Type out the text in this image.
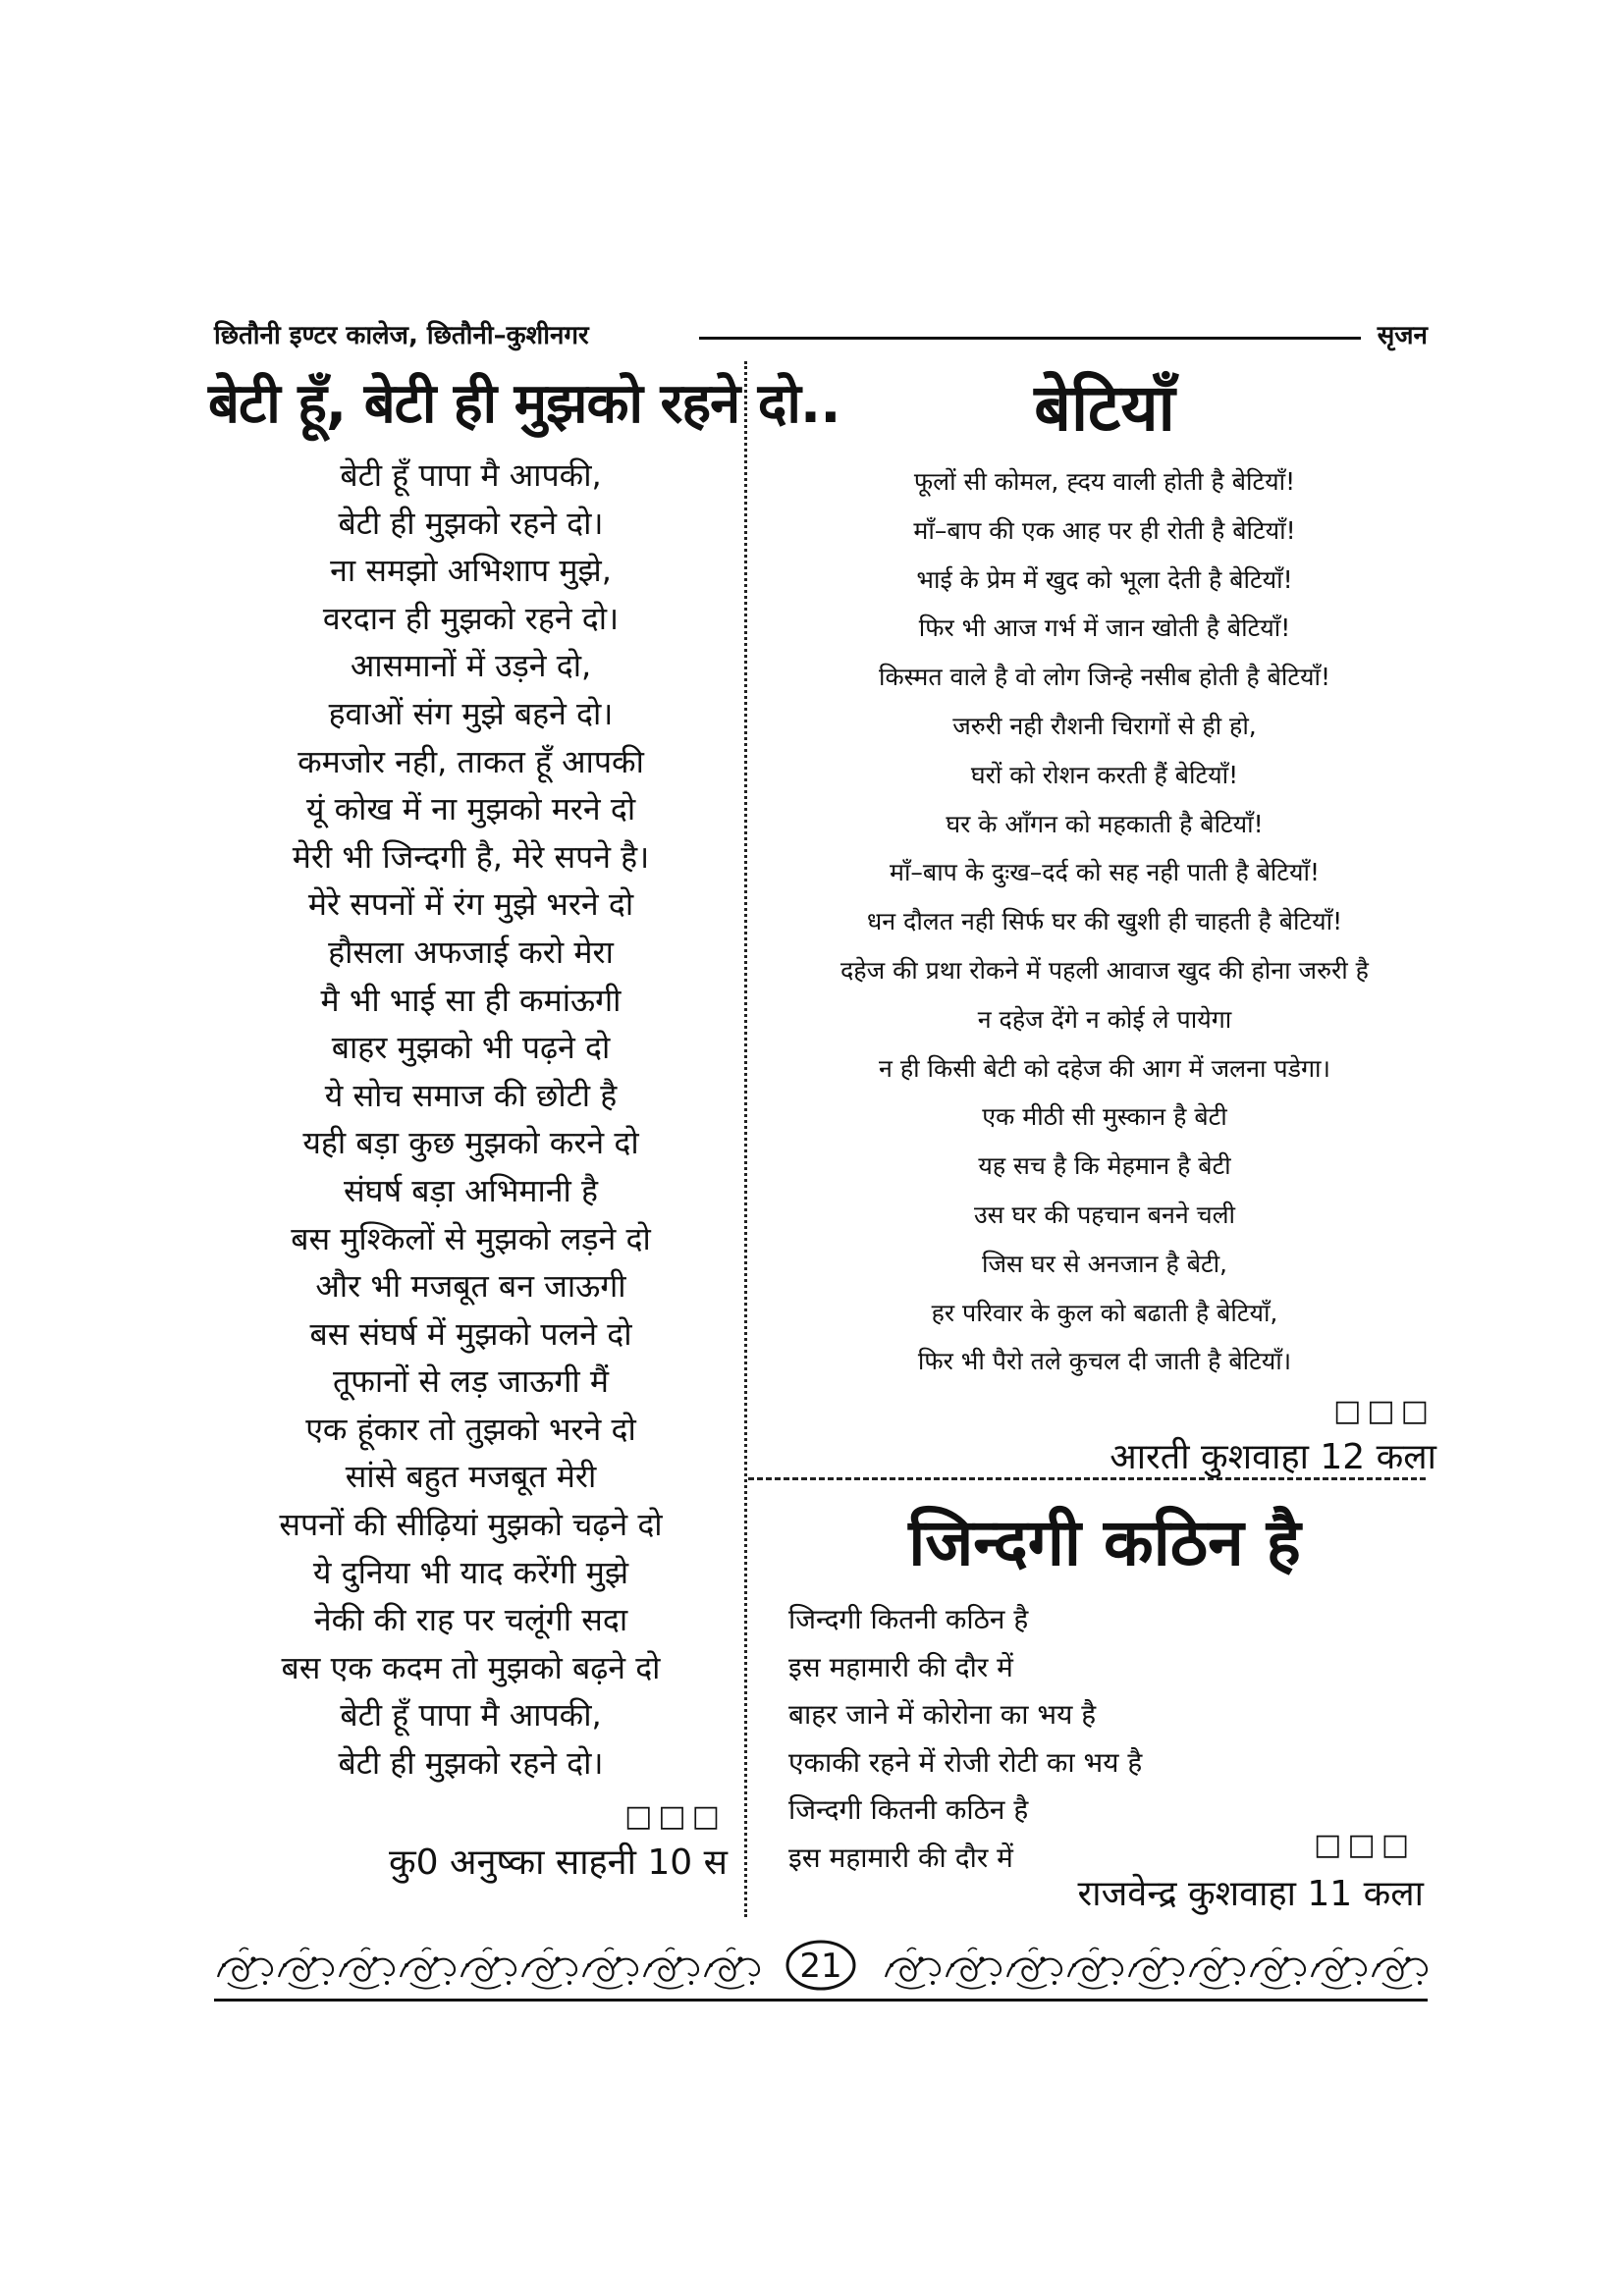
छितौनी इण्टर कालेज, छितौनी–कुशीनगर	सृजन
बेटी हूँ, बेटी ही मुझको रहने दो..
बेटी हूँ पापा मै आपकी,
बेटी ही मुझको रहने दो।
ना समझो अभिशाप मुझे,
वरदान ही मुझको रहने दो।
आसमानों में उड़ने दो,
हवाओं संग मुझे बहने दो।
कमजोर नही, ताकत हूँ आपकी
यूं कोख में ना मुझको मरने दो
मेरी भी जिन्दगी है, मेरे सपने है।
मेरे सपनों में रंग मुझे भरने दो
हौसला अफजाई करो मेरा
मै भी भाई सा ही कमांऊगी
बाहर मुझको भी पढ़ने दो
ये सोच समाज की छोटी है
यही बड़ा कुछ मुझको करने दो
संघर्ष बड़ा अभिमानी है
बस मुश्किलों से मुझको लड़ने दो
और भी मजबूत बन जाऊगी
बस संघर्ष में मुझको पलने दो
तूफानों से लड़ जाऊगी मैं
एक हूंकार तो तुझको भरने दो
सांसे बहुत मजबूत मेरी
सपनों की सीढ़ियां मुझको चढ़ने दो
ये दुनिया भी याद करेंगी मुझे
नेकी की राह पर चलूंगी सदा
बस एक कदम तो मुझको बढ़ने दो
बेटी हूँ पापा मै आपकी,
बेटी ही मुझको रहने दो।
□□□
कु0 अनुष्का साहनी 10 स
बेटियाँ
फूलों सी कोमल, ह्दय वाली होती है बेटियाँ!
माँ–बाप की एक आह पर ही रोती है बेटियाँ!
भाई के प्रेम में खुद को भूला देती है बेटियाँ!
फिर भी आज गर्भ में जान खोती है बेटियाँ!
किस्मत वाले है वो लोग जिन्हे नसीब होती है बेटियाँ!
जरुरी नही रौशनी चिरागों से ही हो,
घरों को रोशन करती हैं बेटियाँ!
घर के आँगन को महकाती है बेटियाँ!
माँ–बाप के दुःख–दर्द को सह नही पाती है बेटियाँ!
धन दौलत नही सिर्फ घर की खुशी ही चाहती है बेटियाँ!
दहेज की प्रथा रोकने में पहली आवाज खुद की होना जरुरी है
न दहेज देंगे न कोई ले पायेगा
न ही किसी बेटी को दहेज की आग में जलना पडेगा।
एक मीठी सी मुस्कान है बेटी
यह सच है कि मेहमान है बेटी
उस घर की पहचान बनने चली
जिस घर से अनजान है बेटी,
हर परिवार के कुल को बढाती है बेटियाँ,
फिर भी पैरो तले कुचल दी जाती है बेटियाँ।
□□□
आरती कुशवाहा 12 कला
जिन्दगी कठिन है
जिन्दगी कितनी कठिन है
इस महामारी की दौर में
बाहर जाने में कोरोना का भय है
एकाकी रहने में रोजी रोटी का भय है
जिन्दगी कितनी कठिन है
इस महामारी की दौर में	□□□
राजवेन्द्र कुशवाहा 11 कला
21
